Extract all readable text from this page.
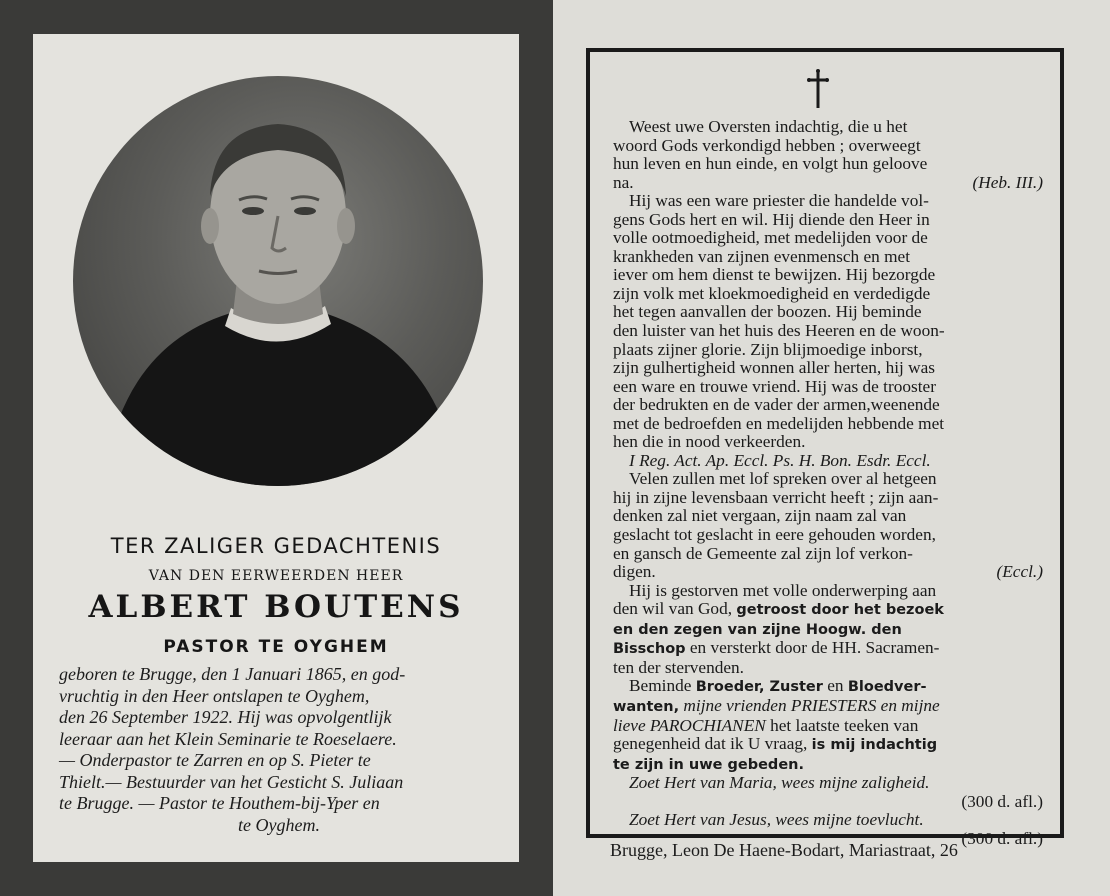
TER ZALIGER GEDACHTENIS
VAN DEN EERWEERDEN HEER
ALBERT BOUTENS
PASTOR TE OYGHEM
geboren te Brugge, den 1 Januari 1865, en god-
vruchtig in den Heer ontslapen te Oyghem,
den 26 September 1922. Hij was opvolgentlijk
leeraar aan het Klein Seminarie te Roeselaere.
— Onderpastor te Zarren en op S. Pieter te
Thielt.— Bestuurder van het Gesticht S. Juliaan
te Brugge. — Pastor te Houthem-bij-Yper en
te Oyghem.
Weest uwe Oversten indachtig, die u het
woord Gods verkondigd hebben ; overweegt
hun leven en hun einde, en volgt hun geloove
na.	(Heb. III.)
Hij was een ware priester die handelde vol-
gens Gods hert en wil. Hij diende den Heer in
volle ootmoedigheid, met medelijden voor de
krankheden van zijnen evenmensch en met
iever om hem dienst te bewijzen. Hij bezorgde
zijn volk met kloekmoedigheid en verdedigde
het tegen aanvallen der boozen. Hij beminde
den luister van het huis des Heeren en de woon-
plaats zijner glorie. Zijn blijmoedige inborst,
zijn gulhertigheid wonnen aller herten, hij was
een ware en trouwe vriend. Hij was de trooster
der bedrukten en de vader der armen,weenende
met de bedroefden en medelijden hebbende met
hen die in nood verkeerden.
I Reg. Act. Ap. Eccl. Ps. H. Bon. Esdr. Eccl.
Velen zullen met lof spreken over al hetgeen
hij in zijne levensbaan verricht heeft ; zijn aan-
denken zal niet vergaan, zijn naam zal van
geslacht tot geslacht in eere gehouden worden,
en gansch de Gemeente zal zijn lof verkon-
digen.	(Eccl.)
Hij is gestorven met volle onderwerping aan
den wil van God, getroost door het bezoek
en den zegen van zijne Hoogw. den
Bisschop en versterkt door de HH. Sacramen-
ten der stervenden.
Beminde Broeder, Zuster en Bloedver-
wanten, mijne vrienden PRIESTERS en mijne
lieve PAROCHIANEN het laatste teeken van
genegenheid dat ik U vraag, is mij indachtig
te zijn in uwe gebeden.
Zoet Hert van Maria, wees mijne zaligheid.
(300 d. afl.)
Zoet Hert van Jesus, wees mijne toevlucht.
(300 d. afl.)
Brugge, Leon De Haene-Bodart, Mariastraat, 26
